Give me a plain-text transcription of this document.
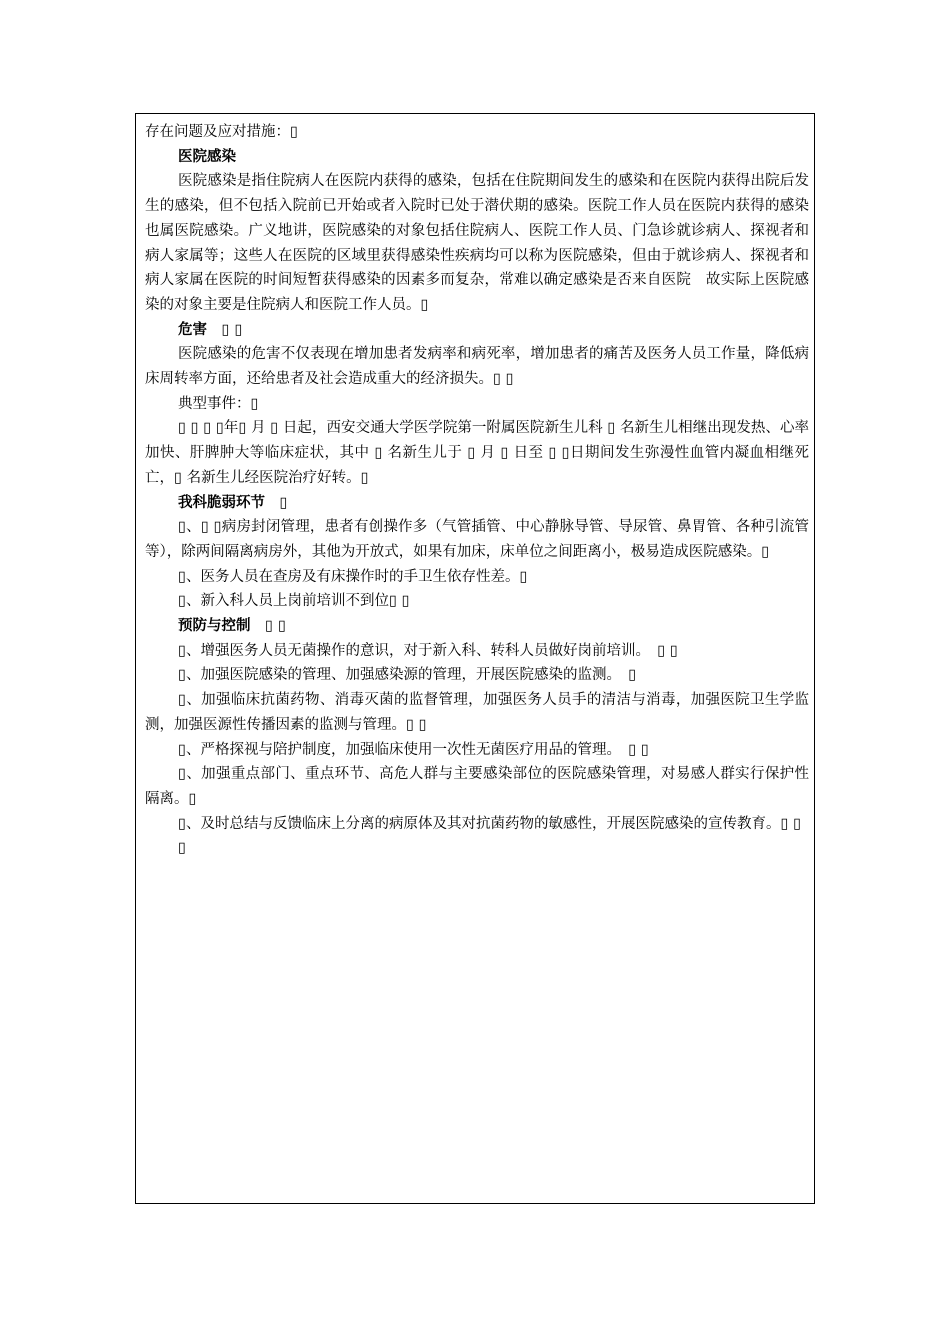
存在问题及应对措施：▯
医院感染
医院感染是指住院病人在医院内获得的感染，包括在住院期间发生的感染和在医院内获得出院后发生的感染，但不包括入院前已开始或者入院时已处于潜伏期的感染。医院工作人员在医院内获得的感染也属医院感染。广义地讲，医院感染的对象包括住院病人、医院工作人员、门急诊就诊病人、探视者和病人家属等；这些人在医院的区域里获得感染性疾病均可以称为医院感染，但由于就诊病人、探视者和病人家属在医院的时间短暂获得感染的因素多而复杂，常难以确定感染是否来自医院　故实际上医院感染的对象主要是住院病人和医院工作人员。▯
危害　▯ ▯
医院感染的危害不仅表现在增加患者发病率和病死率，增加患者的痛苦及医务人员工作量，降低病床周转率方面，还给患者及社会造成重大的经济损失。▯ ▯
典型事件：▯
▯ ▯ ▯ ▯年▯ 月 ▯ 日起，西安交通大学医学院第一附属医院新生儿科 ▯ 名新生儿相继出现发热、心率加快、肝脾肿大等临床症状，其中 ▯ 名新生儿于 ▯ 月 ▯ 日至 ▯ ▯日期间发生弥漫性血管内凝血相继死亡，▯ 名新生儿经医院治疗好转。▯
我科脆弱环节　▯
▯、▯ ▯病房封闭管理，患者有创操作多（气管插管、中心静脉导管、导尿管、鼻胃管、各种引流管等），除两间隔离病房外，其他为开放式，如果有加床，床单位之间距离小，极易造成医院感染。▯
▯、医务人员在查房及有床操作时的手卫生依存性差。▯
▯、新入科人员上岗前培训不到位▯ ▯
预防与控制　▯ ▯
▯、增强医务人员无菌操作的意识，对于新入科、转科人员做好岗前培训。　▯ ▯
▯、加强医院感染的管理、加强感染源的管理，开展医院感染的监测。　▯
▯、加强临床抗菌药物、消毒灭菌的监督管理，加强医务人员手的清洁与消毒，加强医院卫生学监测，加强医源性传播因素的监测与管理。▯ ▯
▯、严格探视与陪护制度，加强临床使用一次性无菌医疗用品的管理。　▯ ▯
▯、加强重点部门、重点环节、高危人群与主要感染部位的医院感染管理，对易感人群实行保护性隔离。▯
▯、及时总结与反馈临床上分离的病原体及其对抗菌药物的敏感性，开展医院感染的宣传教育。▯ ▯
▯
